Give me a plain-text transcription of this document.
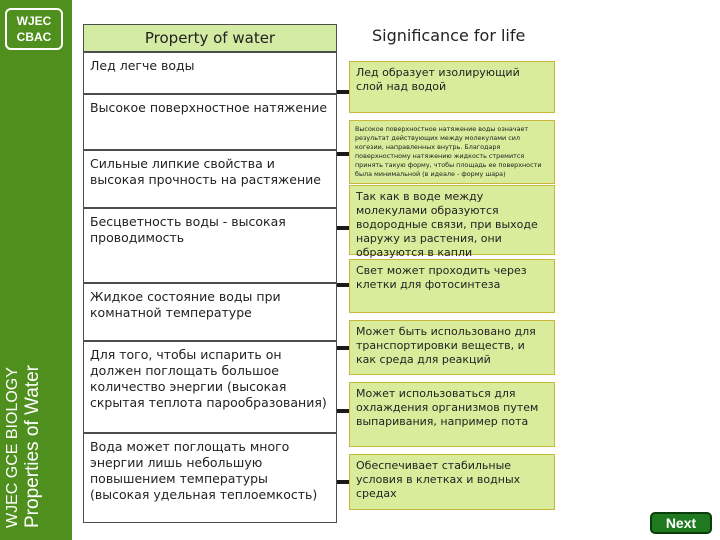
WJEC
CBAC
WJEC GCE BIOLOGY Properties of Water
Property of water	Significance for life
Лед легче воды
Высокое поверхностное натяжение
Сильные липкие свойства и высокая прочность на растяжение
Бесцветность воды - высокая проводимость
Жидкое состояние воды при комнатной температуре
Для того, чтобы испарить он должен поглощать большое количество энергии (высокая скрытая теплота парообразования)
Вода может поглощать много энергии лишь небольшую повышением температуры (высокая удельная теплоемкость)
Лед образует изолирующий слой над водой
Высокое поверхностное натяжение воды означает результат действующих между молекулами сил когезии, направленных внутрь. Благодаря поверхностному натяжению жидкость стремится принять такую форму, чтобы площадь ее поверхности была минимальной (в идеале - форму шара)
Так как в воде между молекулами образуются водородные связи, при выходе наружу из растения, они образуются в капли
Свет может проходить через клетки для фотосинтеза
Может быть использовано для транспортировки веществ, и как среда для реакций
Может использоваться для охлаждения организмов путем выпаривания, например пота
Обеспечивает стабильные условия в клетках и водных средах
Next
